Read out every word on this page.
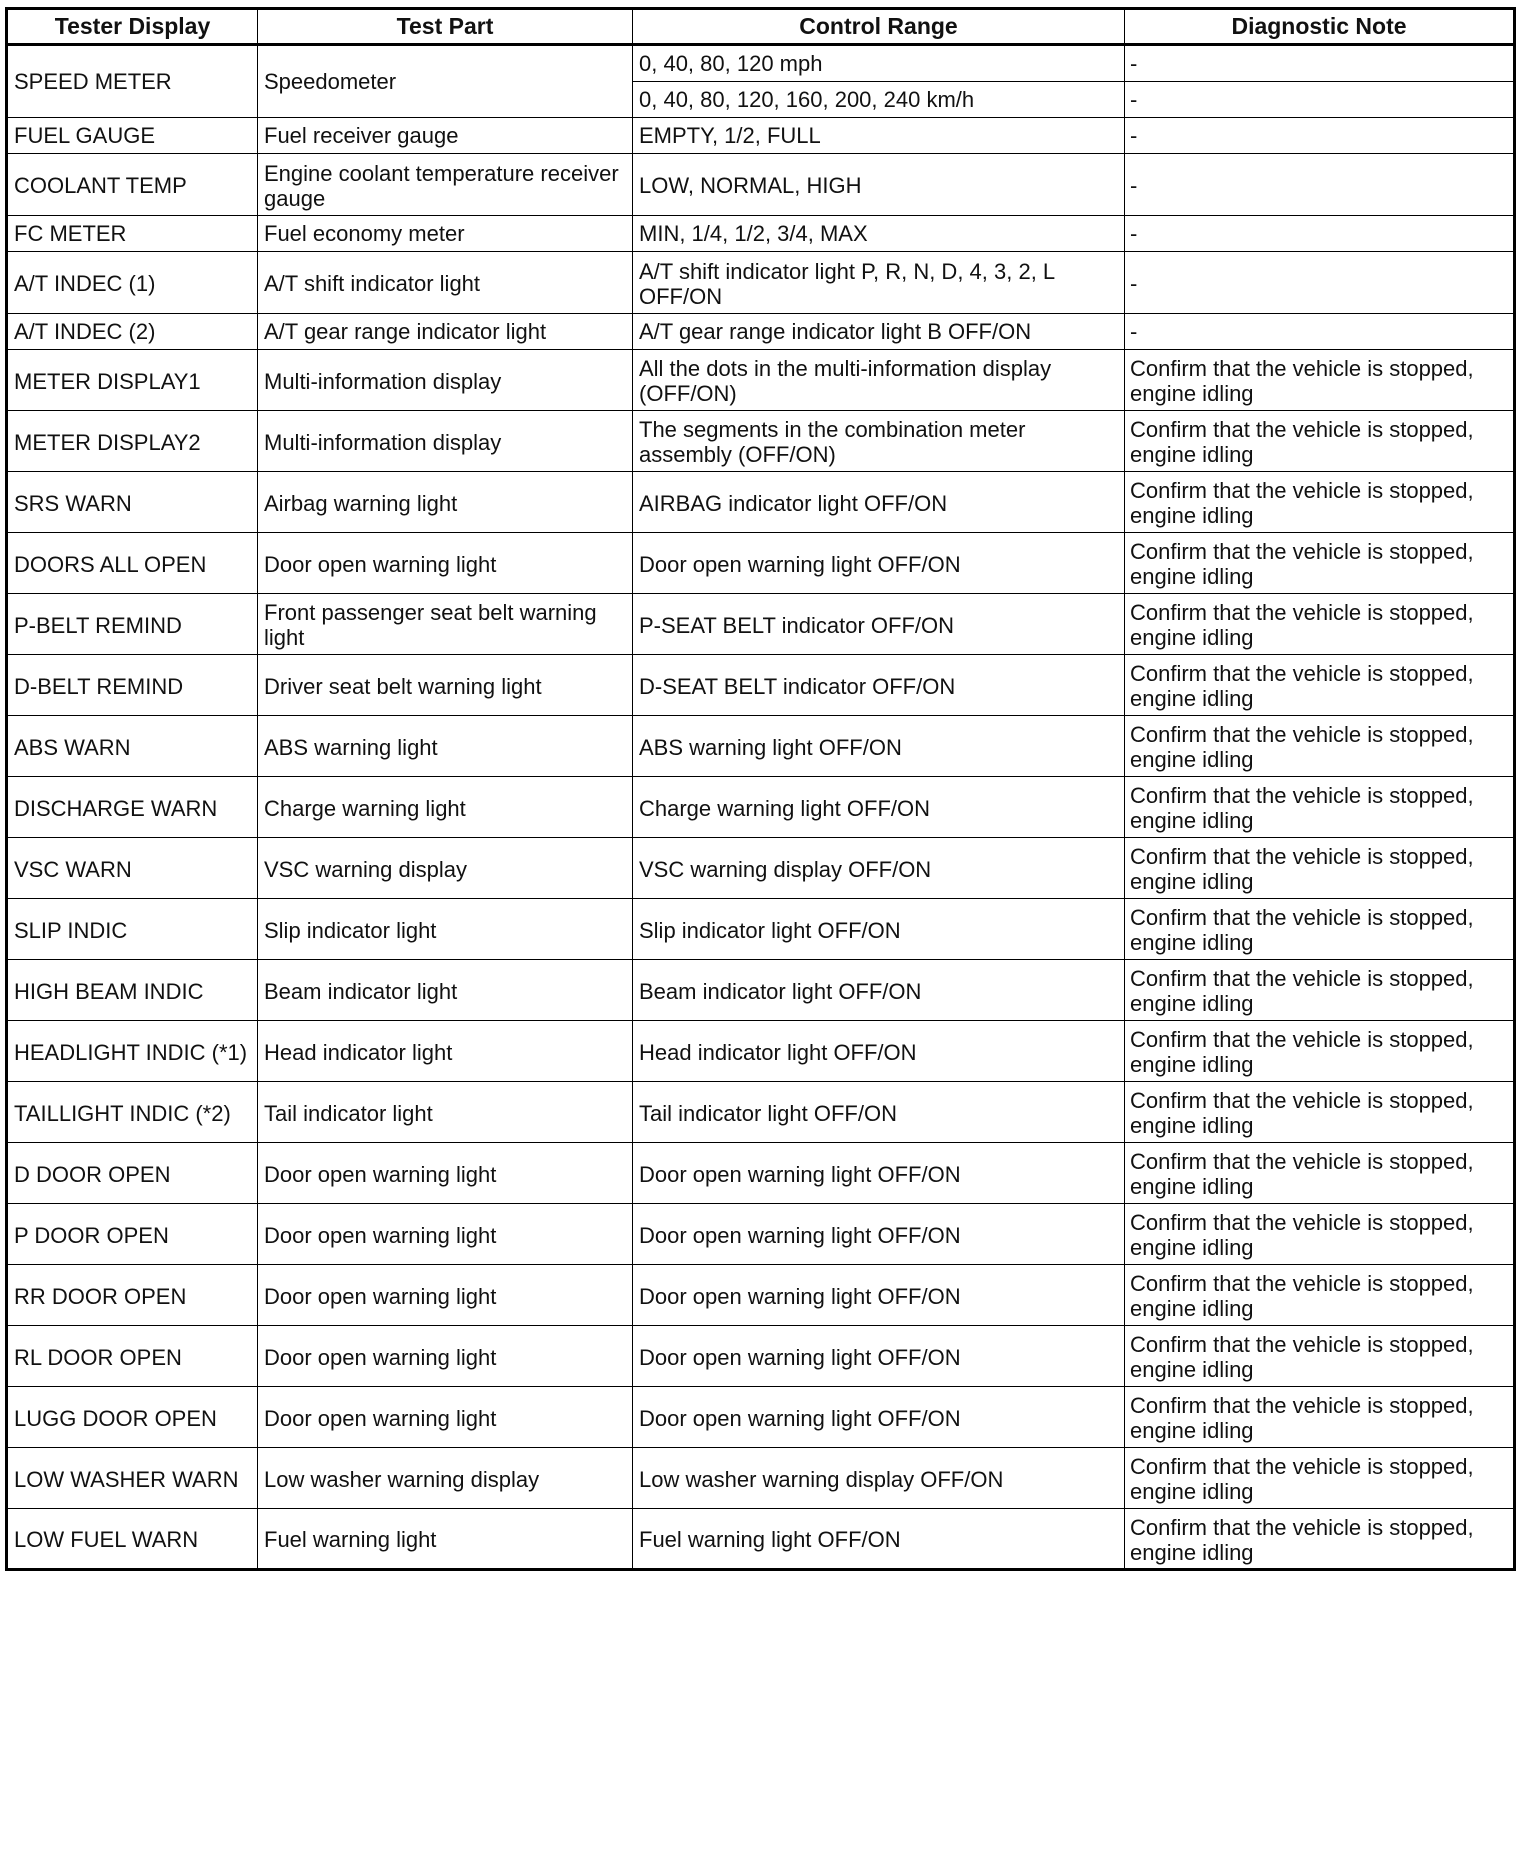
Tester Display	Test Part	Control Range	Diagnostic Note
SPEED METER	Speedometer	0, 40, 80, 120 mph	-
		0, 40, 80, 120, 160, 200, 240 km/h	-
FUEL GAUGE	Fuel receiver gauge	EMPTY, 1/2, FULL	-
COOLANT TEMP	Engine coolant temperature receiver gauge	LOW, NORMAL, HIGH	-
FC METER	Fuel economy meter	MIN, 1/4, 1/2, 3/4, MAX	-
A/T INDEC (1)	A/T shift indicator light	A/T shift indicator light P, R, N, D, 4, 3, 2, L OFF/ON	-
A/T INDEC (2)	A/T gear range indicator light	A/T gear range indicator light B OFF/ON	-
METER DISPLAY1	Multi-information display	All the dots in the multi-information display (OFF/ON)	Confirm that the vehicle is stopped, engine idling
METER DISPLAY2	Multi-information display	The segments in the combination meter assembly (OFF/ON)	Confirm that the vehicle is stopped, engine idling
SRS WARN	Airbag warning light	AIRBAG indicator light OFF/ON	Confirm that the vehicle is stopped, engine idling
DOORS ALL OPEN	Door open warning light	Door open warning light OFF/ON	Confirm that the vehicle is stopped, engine idling
P-BELT REMIND	Front passenger seat belt warning light	P-SEAT BELT indicator OFF/ON	Confirm that the vehicle is stopped, engine idling
D-BELT REMIND	Driver seat belt warning light	D-SEAT BELT indicator OFF/ON	Confirm that the vehicle is stopped, engine idling
ABS WARN	ABS warning light	ABS warning light OFF/ON	Confirm that the vehicle is stopped, engine idling
DISCHARGE WARN	Charge warning light	Charge warning light OFF/ON	Confirm that the vehicle is stopped, engine idling
VSC WARN	VSC warning display	VSC warning display OFF/ON	Confirm that the vehicle is stopped, engine idling
SLIP INDIC	Slip indicator light	Slip indicator light OFF/ON	Confirm that the vehicle is stopped, engine idling
HIGH BEAM INDIC	Beam indicator light	Beam indicator light OFF/ON	Confirm that the vehicle is stopped, engine idling
HEADLIGHT INDIC (*1)	Head indicator light	Head indicator light OFF/ON	Confirm that the vehicle is stopped, engine idling
TAILLIGHT INDIC (*2)	Tail indicator light	Tail indicator light OFF/ON	Confirm that the vehicle is stopped, engine idling
D DOOR OPEN	Door open warning light	Door open warning light OFF/ON	Confirm that the vehicle is stopped, engine idling
P DOOR OPEN	Door open warning light	Door open warning light OFF/ON	Confirm that the vehicle is stopped, engine idling
RR DOOR OPEN	Door open warning light	Door open warning light OFF/ON	Confirm that the vehicle is stopped, engine idling
RL DOOR OPEN	Door open warning light	Door open warning light OFF/ON	Confirm that the vehicle is stopped, engine idling
LUGG DOOR OPEN	Door open warning light	Door open warning light OFF/ON	Confirm that the vehicle is stopped, engine idling
LOW WASHER WARN	Low washer warning display	Low washer warning display OFF/ON	Confirm that the vehicle is stopped, engine idling
LOW FUEL WARN	Fuel warning light	Fuel warning light OFF/ON	Confirm that the vehicle is stopped, engine idling
